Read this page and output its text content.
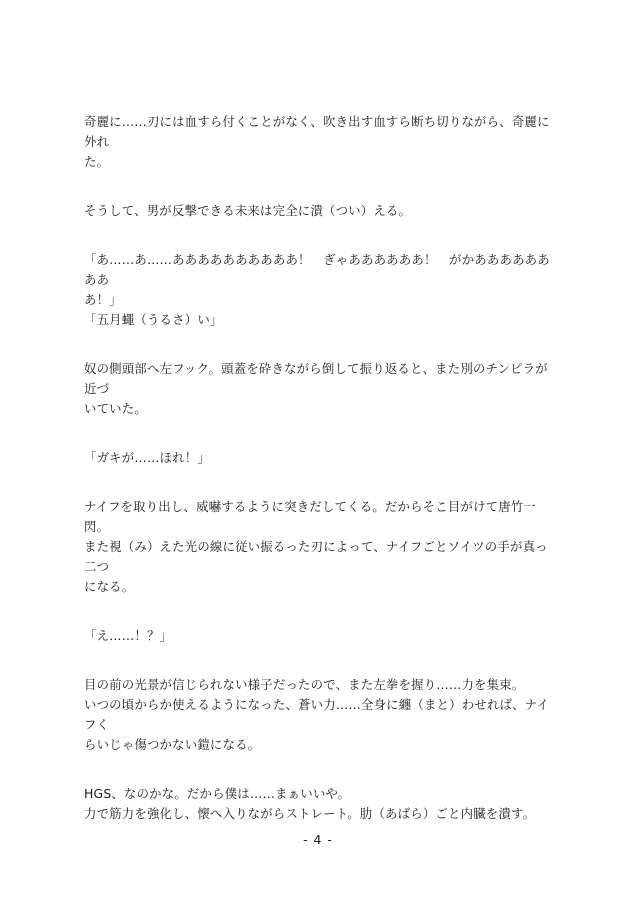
奇麗に……刃には血すら付くことがなく、吹き出す血すら断ち切りながら、奇麗に外れ
た。

そうして、男が反撃できる未来は完全に潰（つい）える。

「あ……あ……ああああああああああ！　ぎゃああああああ！　がかああああああああ
あ！」
「五月蠅（うるさ）い」

奴の側頭部へ左フック。頭蓋を砕きながら倒して振り返ると、また別のチンピラが近づ
いていた。

「ガキが……ほれ！」

ナイフを取り出し、威嚇するように突きだしてくる。だからそこ目がけて唐竹一閃。
また視（み）えた光の線に従い振るった刃によって、ナイフごとソイツの手が真っ二つ
になる。

「え……！？」

目の前の光景が信じられない様子だったので、また左拳を握り……力を集束。
いつの頃からか使えるようになった、蒼い力……全身に纏（まと）わせれば、ナイフく
らいじゃ傷つかない鎧になる。

HGS、なのかな。だから僕は……まぁいいや。
力で筋力を強化し、懐へ入りながらストレート。肋（あばら）ごと内臓を潰す。

- 4 -
